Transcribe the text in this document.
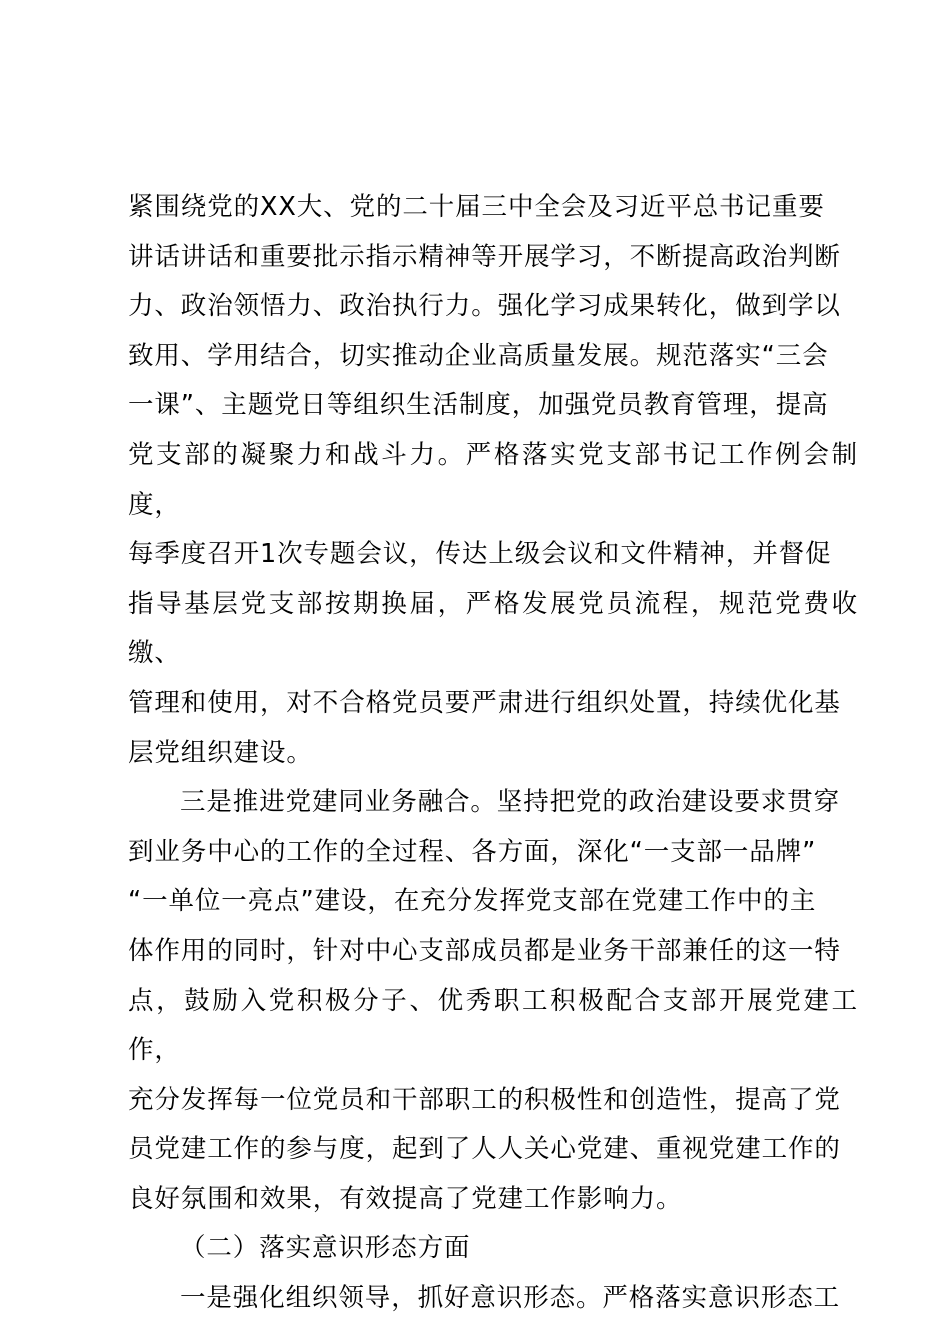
紧围绕党的XX大、党的二十届三中全会及习近平总书记重要
讲话讲话和重要批示指示精神等开展学习，不断提高政治判断
力、政治领悟力、政治执行力。强化学习成果转化，做到学以
致用、学用结合，切实推动企业高质量发展。规范落实“三会
一课”、主题党日等组织生活制度，加强党员教育管理，提高
党支部的凝聚力和战斗力。严格落实党支部书记工作例会制度，
每季度召开1次专题会议，传达上级会议和文件精神，并督促
指导基层党支部按期换届，严格发展党员流程，规范党费收缴、
管理和使用，对不合格党员要严肃进行组织处置，持续优化基
层党组织建设。
三是推进党建同业务融合。坚持把党的政治建设要求贯穿
到业务中心的工作的全过程、各方面，深化“一支部一品牌”
“一单位一亮点”建设，在充分发挥党支部在党建工作中的主
体作用的同时，针对中心支部成员都是业务干部兼任的这一特
点，鼓励入党积极分子、优秀职工积极配合支部开展党建工作，
充分发挥每一位党员和干部职工的积极性和创造性，提高了党
员党建工作的参与度，起到了人人关心党建、重视党建工作的
良好氛围和效果，有效提高了党建工作影响力。
（二）落实意识形态方面
一是强化组织领导，抓好意识形态。严格落实意识形态工
